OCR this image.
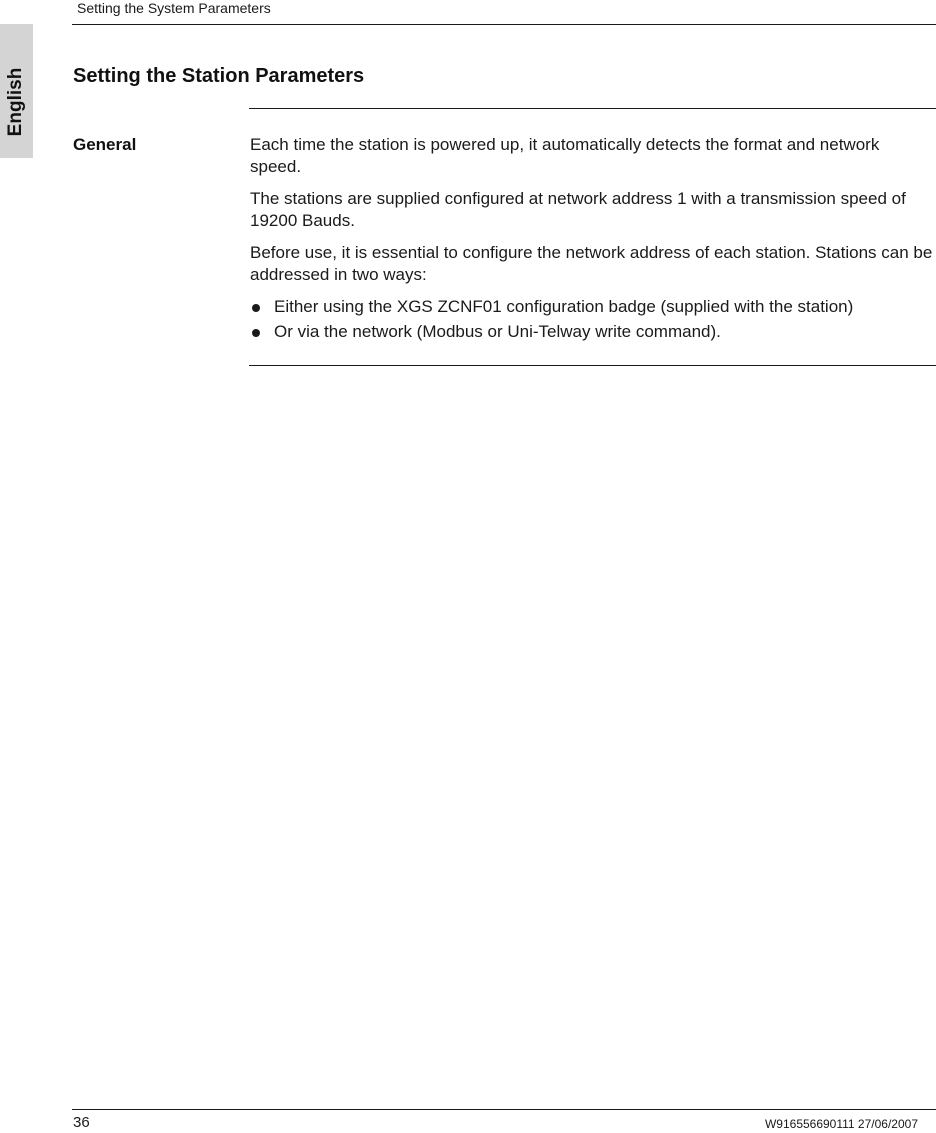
Setting the System Parameters
English Setting the Station Parameters
General	Each time the station is powered up, it automatically detects the format and network speed.

The stations are supplied configured at network address 1 with a transmission speed of 19200 Bauds.

Before use, it is essential to configure the network address of each station. Stations can be addressed in two ways:

Either using the XGS ZCNF01 configuration badge (supplied with the station)
Or via the network (Modbus or Uni-Telway write command).
36	W916556690111 27/06/2007
